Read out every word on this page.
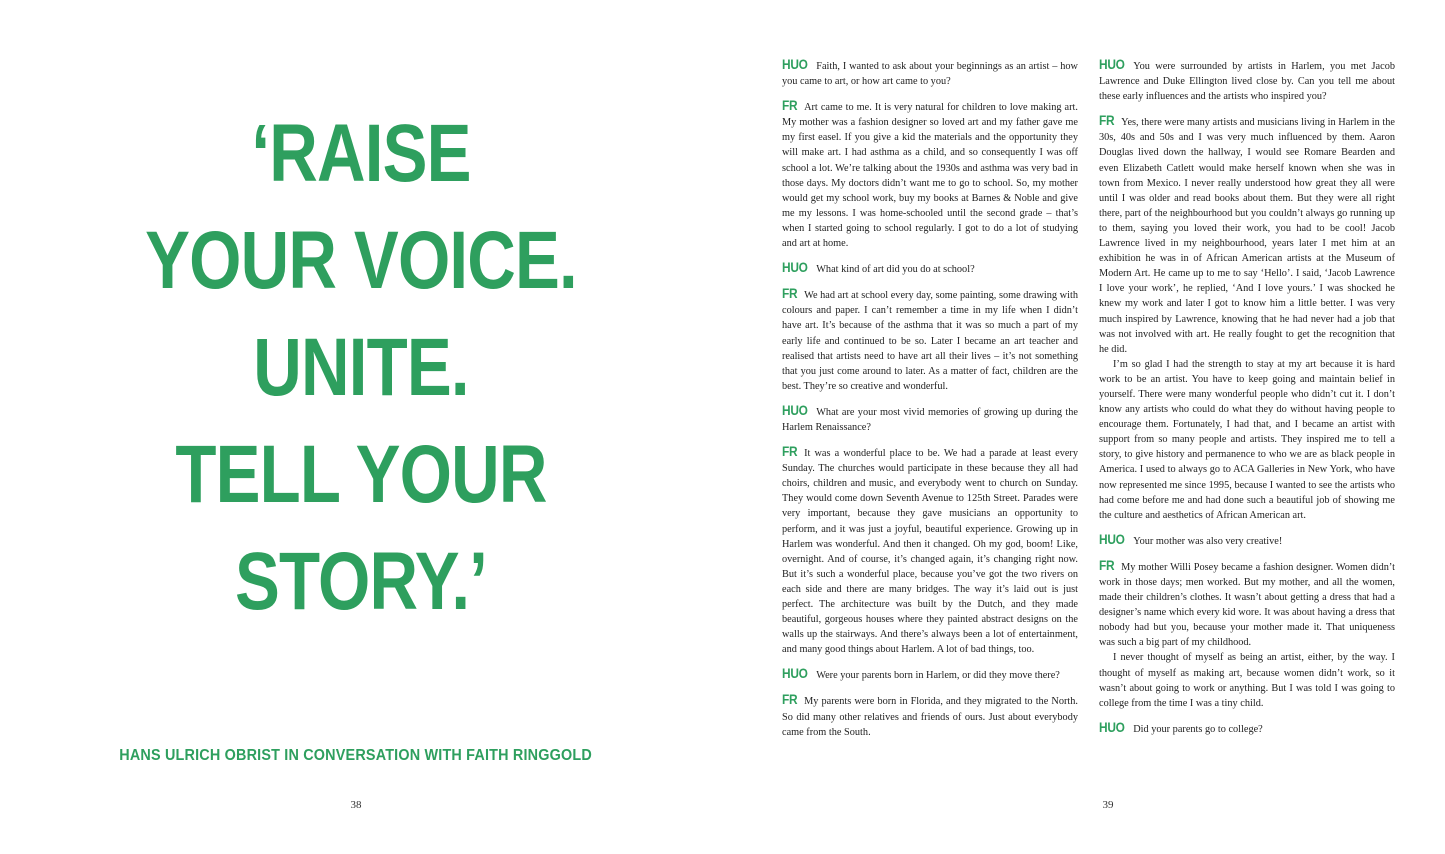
‘RAISE
YOUR VOICE.
UNITE.
TELL YOUR
STORY.’
HANS ULRICH OBRIST IN CONVERSATION WITH FAITH RINGGOLD
38

HUO Faith, I wanted to ask about your beginnings as an artist – how you came to art, or how art came to you?

FR Art came to me. It is very natural for children to love making art. My mother was a fashion designer so loved art and my father gave me my first easel. If you give a kid the materials and the opportunity they will make art. I had asthma as a child, and so consequently I was off school a lot. We’re talking about the 1930s and asthma was very bad in those days. My doctors didn’t want me to go to school. So, my mother would get my school work, buy my books at Barnes & Noble and give me my lessons. I was home-schooled until the second grade – that’s when I started going to school regularly. I got to do a lot of studying and art at home.

HUO What kind of art did you do at school?

FR We had art at school every day, some painting, some drawing with colours and paper. I can’t remember a time in my life when I didn’t have art. It’s because of the asthma that it was so much a part of my early life and continued to be so. Later I became an art teacher and realised that artists need to have art all their lives – it’s not something that you just come around to later. As a matter of fact, children are the best. They’re so creative and wonderful.

HUO What are your most vivid memories of growing up during the Harlem Renaissance?

FR It was a wonderful place to be. We had a parade at least every Sunday. The churches would participate in these because they all had choirs, children and music, and everybody went to church on Sunday. They would come down Seventh Avenue to 125th Street. Parades were very important, because they gave musicians an opportunity to perform, and it was just a joyful, beautiful experience. Growing up in Harlem was wonderful. And then it changed. Oh my god, boom! Like, overnight. And of course, it’s changed again, it’s changing right now. But it’s such a wonderful place, because you’ve got the two rivers on each side and there are many bridges. The way it’s laid out is just perfect. The architecture was built by the Dutch, and they made beautiful, gorgeous houses where they painted abstract designs on the walls up the stairways. And there’s always been a lot of entertainment, and many good things about Harlem. A lot of bad things, too.

HUO Were your parents born in Harlem, or did they move there?

FR My parents were born in Florida, and they migrated to the North. So did many other relatives and friends of ours. Just about everybody came from the South.

HUO You were surrounded by artists in Harlem, you met Jacob Lawrence and Duke Ellington lived close by. Can you tell me about these early influences and the artists who inspired you?

FR Yes, there were many artists and musicians living in Harlem in the 30s, 40s and 50s and I was very much influenced by them. Aaron Douglas lived down the hallway, I would see Romare Bearden and even Elizabeth Catlett would make herself known when she was in town from Mexico. I never really understood how great they all were until I was older and read books about them. But they were all right there, part of the neighbourhood but you couldn’t always go running up to them, saying you loved their work, you had to be cool! Jacob Lawrence lived in my neighbourhood, years later I met him at an exhibition he was in of African American artists at the Museum of Modern Art. He came up to me to say ‘Hello’. I said, ‘Jacob Lawrence I love your work’, he replied, ‘And I love yours.’ I was shocked he knew my work and later I got to know him a little better. I was very much inspired by Lawrence, knowing that he had never had a job that was not involved with art. He really fought to get the recognition that he did.

I’m so glad I had the strength to stay at my art because it is hard work to be an artist. You have to keep going and maintain belief in yourself. There were many wonderful people who didn’t cut it. I don’t know any artists who could do what they do without having people to encourage them. Fortunately, I had that, and I became an artist with support from so many people and artists. They inspired me to tell a story, to give history and permanence to who we are as black people in America. I used to always go to ACA Galleries in New York, who have now represented me since 1995, because I wanted to see the artists who had come before me and had done such a beautiful job of showing me the culture and aesthetics of African American art.

HUO Your mother was also very creative!

FR My mother Willi Posey became a fashion designer. Women didn’t work in those days; men worked. But my mother, and all the women, made their children’s clothes. It wasn’t about getting a dress that had a designer’s name which every kid wore. It was about having a dress that nobody had but you, because your mother made it. That uniqueness was such a big part of my childhood.

I never thought of myself as being an artist, either, by the way. I thought of myself as making art, because women didn’t work, so it wasn’t about going to work or anything. But I was told I was going to college from the time I was a tiny child.

HUO Did your parents go to college?

39
